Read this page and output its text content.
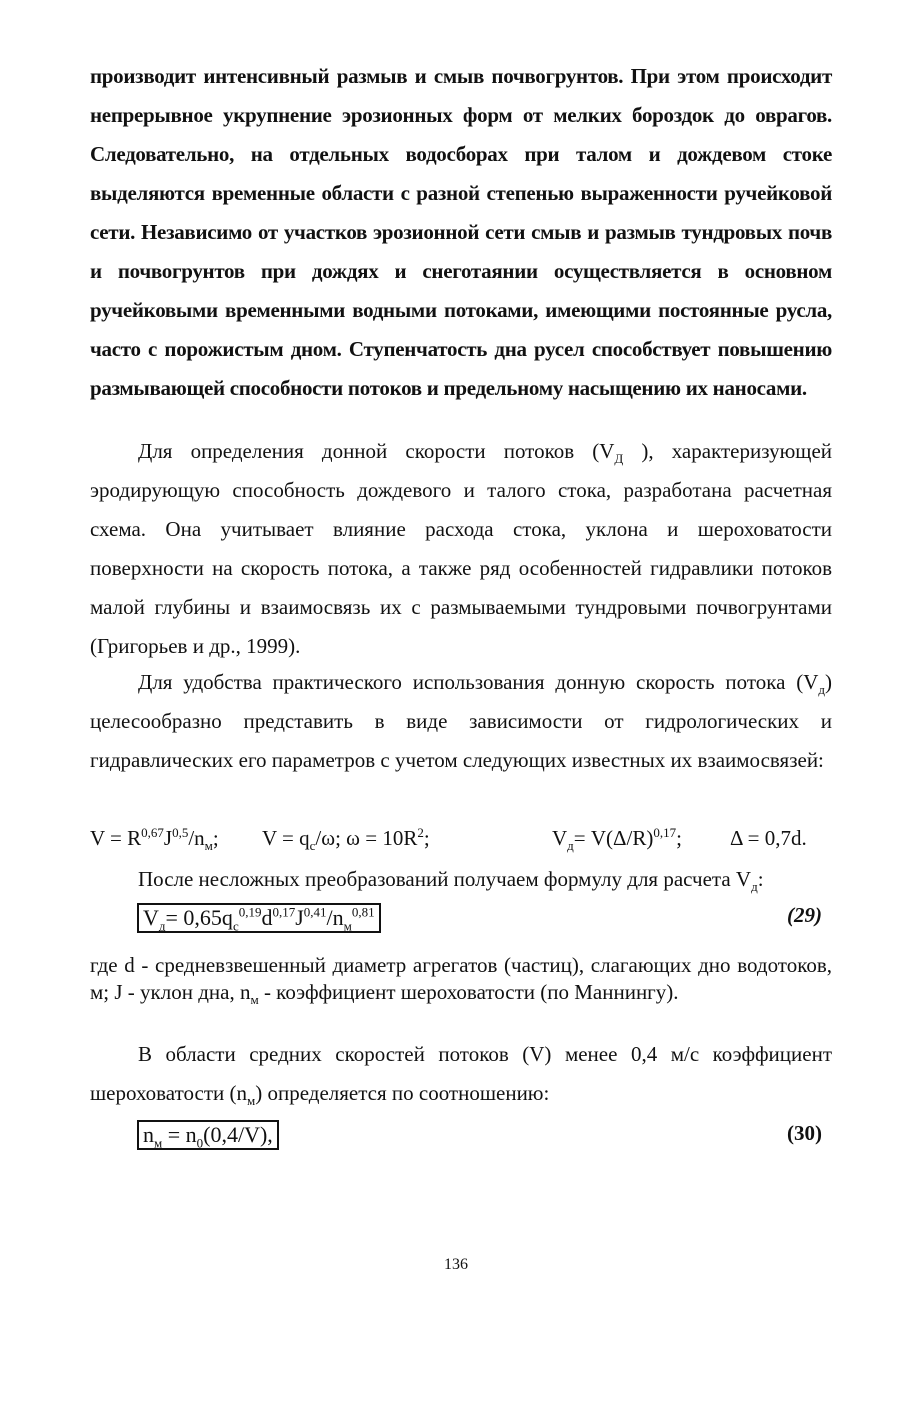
производит интенсивный размыв и смыв почвогрунтов. При этом происходит непрерывное укрупнение эрозионных форм от мелких бороздок до оврагов. Следовательно, на отдельных водосборах при талом и дождевом стоке выделяются временные области с разной степенью выраженности ручейковой сети. Независимо от участков эрозионной сети смыв и размыв тундровых почв и почвогрунтов при дождях и снеготаянии осуществляется в основном ручейковыми временными водными потоками, имеющими постоянные русла, часто с порожистым дном. Ступенчатость дна русел способствует повышению размывающей способности потоков и предельному насыщению их наносами.

Для определения донной скорости потоков ($V_Д$ ), характеризующей эродирующую способность дождевого и талого стока, разработана расчетная схема. Она учитывает влияние расхода стока, уклона и шероховатости поверхности на скорость потока, а также ряд особенностей гидравлики потоков малой глубины и взаимосвязь их с размываемыми тундровыми почвогрунтами (Григорьев и др., 1999).

Для удобства практического использования донную скорость потока $(V_д)$ целесообразно представить в виде зависимости от гидрологических и гидравлических его параметров с учетом следующих известных их взаимосвязей:

$V = R^{0,67}J^{0,5}/n_м$; $V = q_c/\omega$; $\omega = 10R^2$;	$V_д= V(\Delta/R)^{0,17}$; Δ = 0,7d.
После несложных преобразований получаем формулу для расчета $V_д$:
$V_д= 0,65q_c^{0,19}d^{0,17}J^{0,41}/n_м^{0,81}$	(29)

где d - средневзвешенный диаметр агрегатов (частиц), слагающих дно водотоков, м; J - уклон дна, $n_м$ - коэффициент шероховатости (по Маннингу).

В области средних скоростей потоков (V) менее 0,4 м/с коэффициент шероховатости $(n_м)$ определяется по соотношению:

$n_м = n_0(0,4/V)$,	(30)
136
